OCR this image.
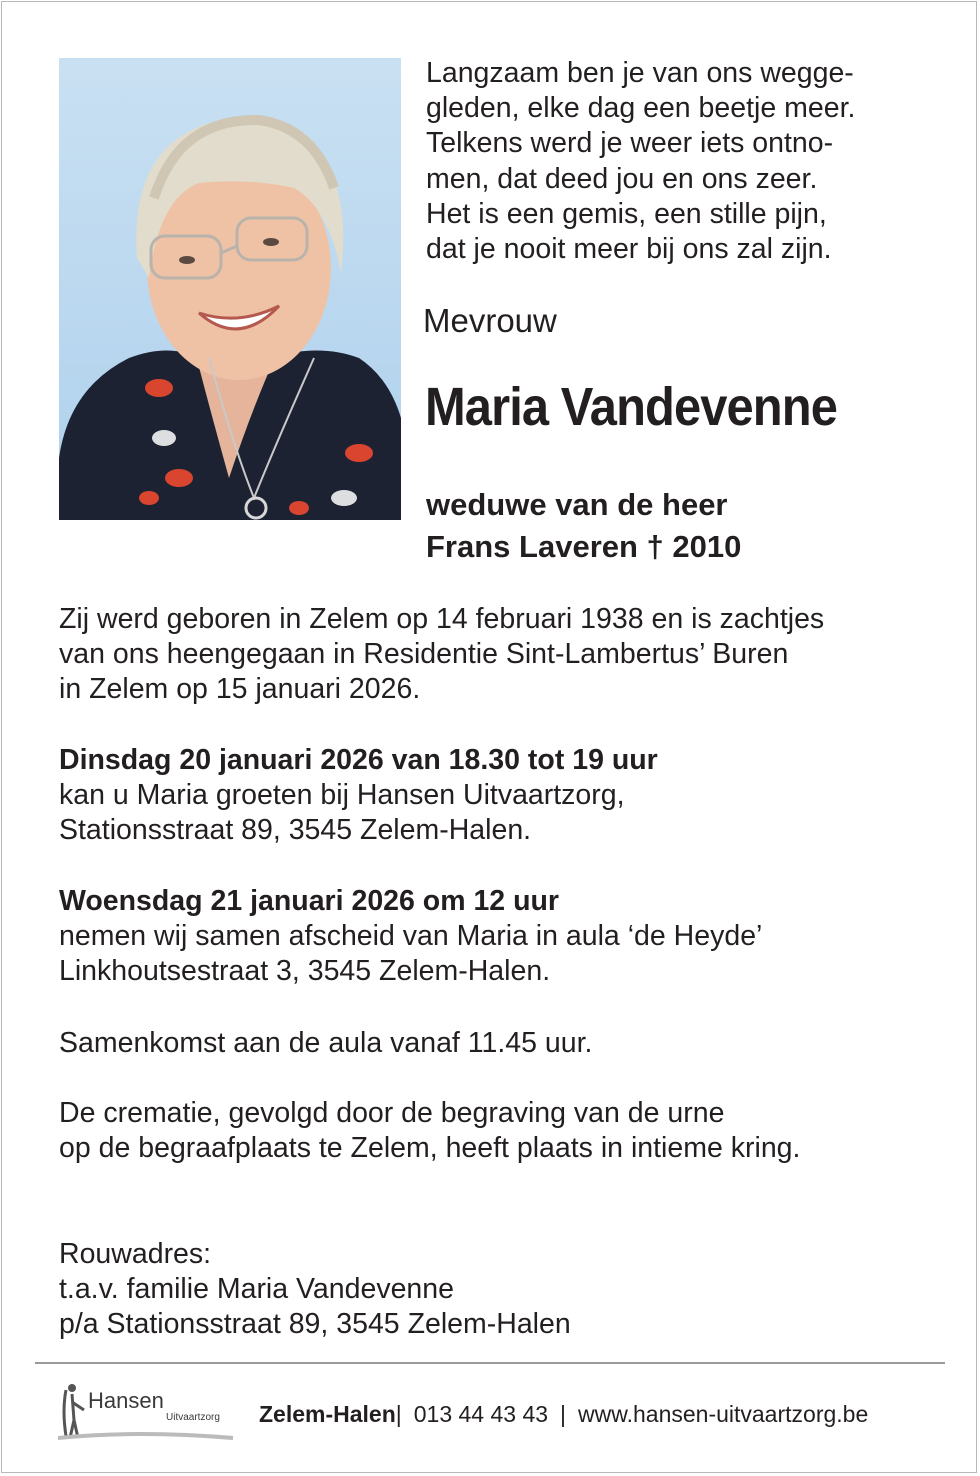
Langzaam ben je van ons wegge-
gleden, elke dag een beetje meer.
Telkens werd je weer iets ontno-
men, dat deed jou en ons zeer.
Het is een gemis, een stille pijn,
dat je nooit meer bij ons zal zijn.
Mevrouw
Maria Vandevenne
weduwe van de heer
Frans Laveren † 2010
Zij werd geboren in Zelem op 14 februari 1938 en is zachtjes
van ons heengegaan in Residentie Sint-Lambertus’ Buren
in Zelem op 15 januari 2026.
Dinsdag 20 januari 2026 van 18.30 tot 19 uur
kan u Maria groeten bij Hansen Uitvaartzorg,
Stationsstraat 89, 3545 Zelem-Halen.
Woensdag 21 januari 2026 om 12 uur
nemen wij samen afscheid van Maria in aula ‘de Heyde’
Linkhoutsestraat 3, 3545 Zelem-Halen.
Samenkomst aan de aula vanaf 11.45 uur.
De crematie, gevolgd door de begraving van de urne
op de begraafplaats te Zelem, heeft plaats in intieme kring.
Rouwadres:
t.a.v. familie Maria Vandevenne
p/a Stationsstraat 89, 3545 Zelem-Halen
Hansen
Uitvaartzorg Zelem-Halen| 013 44 43 43 | www.hansen-uitvaartzorg.be
